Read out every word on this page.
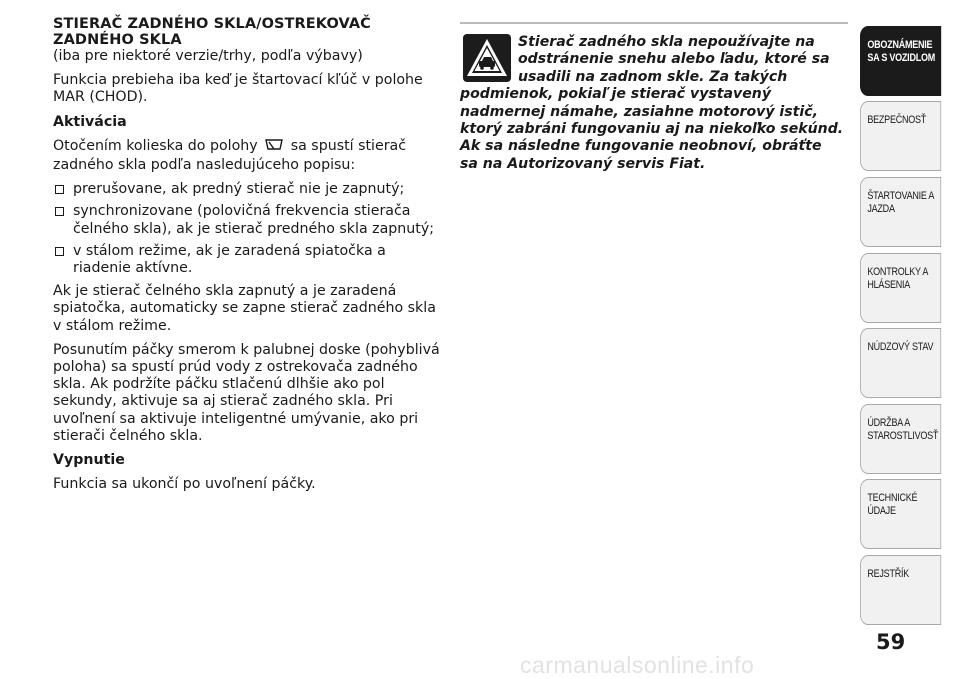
STIERAČ ZADNÉHO SKLA/OSTREKOVAČ
ZADNÉHO SKLA

(iba pre niektoré verzie/trhy, podľa výbavy)

Funkcia prebieha iba keď je štartovací kľúč v polohe MAR (CHOD).

Aktivácia

Otočením kolieska do polohy sa spustí stierač zadného skla podľa nasledujúceho popisu:

prerušovane, ak predný stierač nie je zapnutý;
synchronizovane (polovičná frekvencia stierača čelného skla), ak je stierač predného skla zapnutý;
v stálom režime, ak je zaradená spiatočka a riadenie aktívne.

Ak je stierač čelného skla zapnutý a je zaradená spiatočka, automaticky se zapne stierač zadného skla v stálom režime.

Posunutím páčky smerom k palubnej doske (pohyblivá poloha) sa spustí prúd vody z ostrekovača zadného skla. Ak podržíte páčku stlačenú dlhšie ako pol sekundy, aktivuje sa aj stierač zadného skla. Pri uvoľnení sa aktivuje inteligentné umývanie, ako pri stierači čelného skla.

Vypnutie

Funkcia sa ukončí po uvoľnení páčky.

Stierač zadného skla nepoužívajte na
odstránenie snehu alebo ľadu, ktoré sa
usadili na zadnom skle. Za takých
podmienok, pokiaľ je stierač vystavený
nadmernej námahe, zasiahne motorový istič,
ktorý zabráni fungovaniu aj na niekoľko sekúnd.
Ak sa následne fungovanie neobnoví, obráťte
sa na Autorizovaný servis Fiat.
OBOZNÁMENIE
SA S VOZIDLOM
BEZPEČNOSŤ
ŠTARTOVANIE A
JAZDA
KONTROLKY A
HLÁSENIA
NÚDZOVÝ STAV
ÚDRŽBA A
STAROSTLIVOSŤ
TECHNICKÉ ÚDAJE
REJSTŘÍK
59
carmanualsonline.info
